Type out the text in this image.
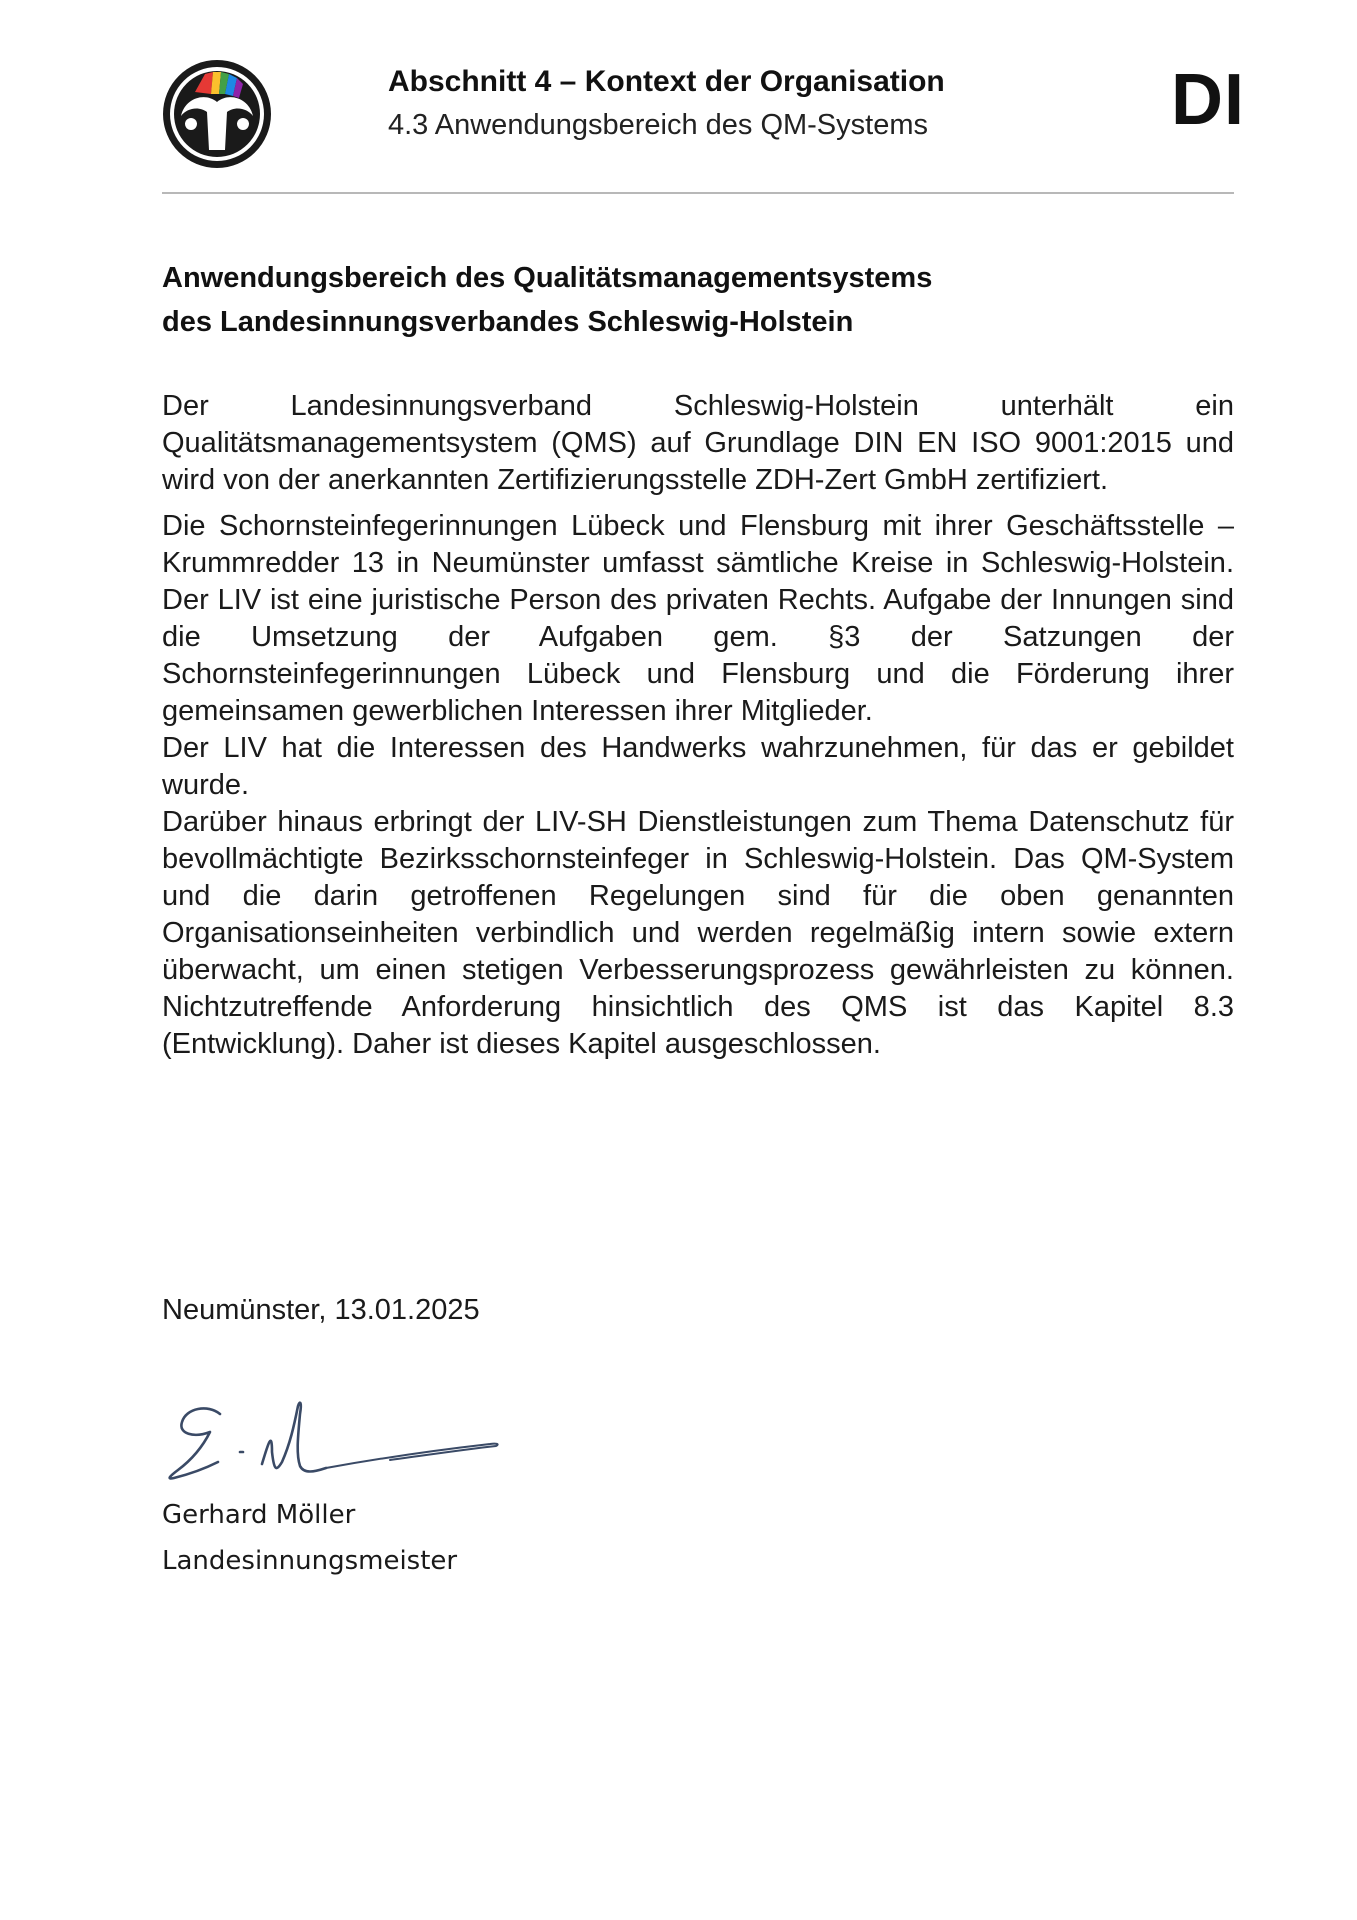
Abschnitt 4 – Kontext der Organisation

4.3 Anwendungsbereich des QM-Systems	DI
Anwendungsbereich des Qualitätsmanagementsystems
des Landesinnungsverbandes Schleswig-Holstein

Der Landesinnungsverband Schleswig-Holstein unterhält ein Qualitätsmanagementsystem (QMS) auf Grundlage DIN EN ISO 9001:2015 und wird von der anerkannten Zertifizierungsstelle ZDH-Zert GmbH zertifiziert.

Die Schornsteinfegerinnungen Lübeck und Flensburg mit ihrer Geschäftsstelle – Krummredder 13 in Neumünster umfasst sämtliche Kreise in Schleswig-Holstein. Der LIV ist eine juristische Person des privaten Rechts. Aufgabe der Innungen sind die Umsetzung der Aufgaben gem. §3 der Satzungen der Schornsteinfegerinnungen Lübeck und Flensburg und die Förderung ihrer gemeinsamen gewerblichen Interessen ihrer Mitglieder.

Der LIV hat die Interessen des Handwerks wahrzunehmen, für das er gebildet wurde.

Darüber hinaus erbringt der LIV-SH Dienstleistungen zum Thema Datenschutz für bevollmächtigte Bezirksschornsteinfeger in Schleswig-Holstein. Das QM-System und die darin getroffenen Regelungen sind für die oben genannten Organisationseinheiten verbindlich und werden regelmäßig intern sowie extern überwacht, um einen stetigen Verbesserungsprozess gewährleisten zu können. Nichtzutreffende Anforderung hinsichtlich des QMS ist das Kapitel 8.3 (Entwicklung). Daher ist dieses Kapitel ausgeschlossen.

Neumünster, 13.01.2025
Gerhard Möller
Landesinnungsmeister
